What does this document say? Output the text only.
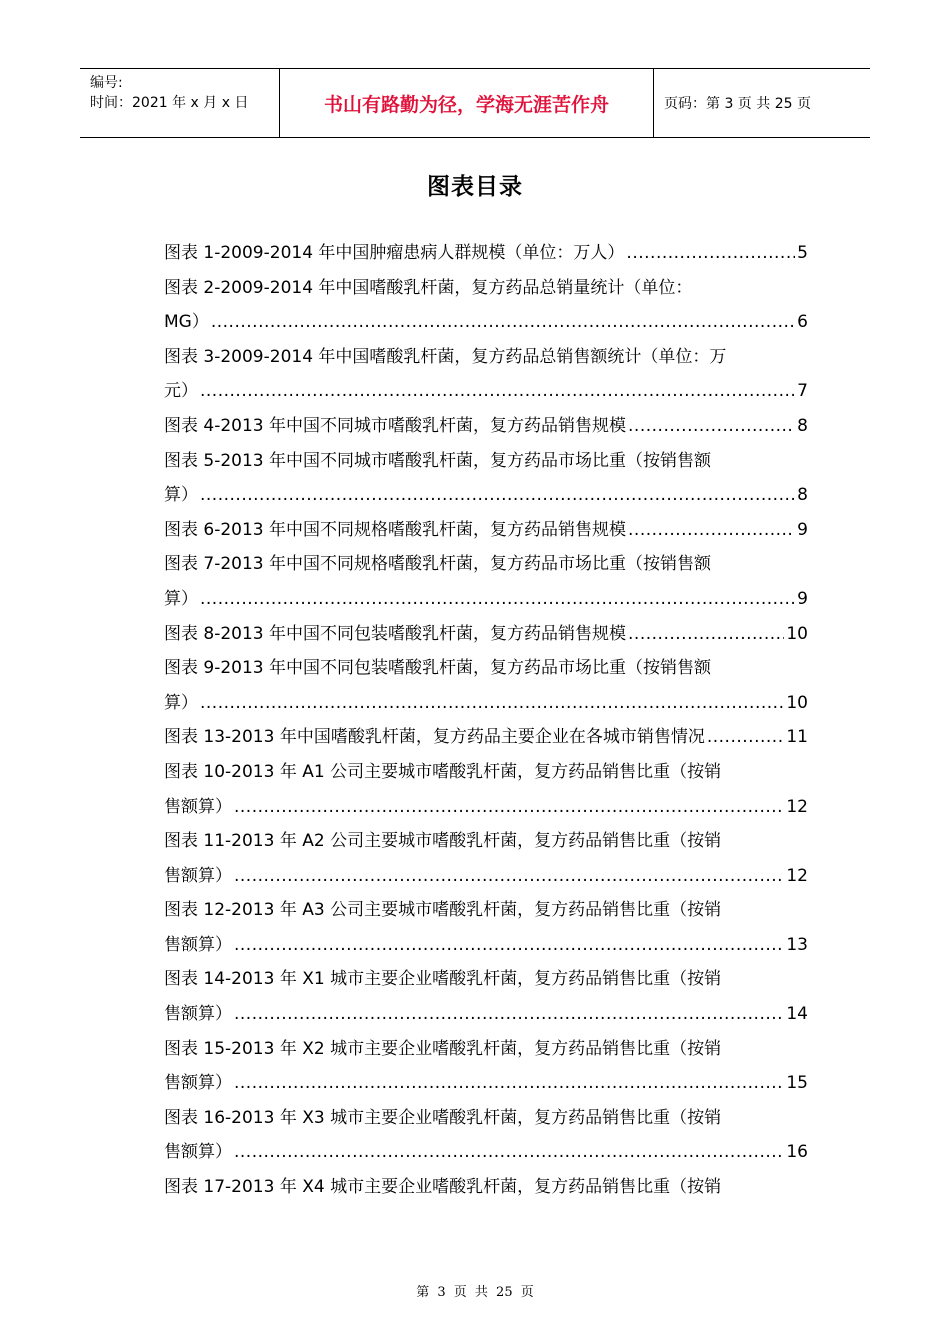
编号:
时间：2021 年 x 月 x 日	书山有路勤为径，学海无涯苦作舟	页码：第 3 页 共 25 页
图表目录
图表 1-2009-2014 年中国肿瘤患病人群规模（单位：万人） .....	5
图表 2-2009-2014 年中国嗜酸乳杆菌，复方药品总销量统计（单位：
MG） .....	6
图表 3-2009-2014 年中国嗜酸乳杆菌，复方药品总销售额统计（单位：万
元） .....	7
图表 4-2013 年中国不同城市嗜酸乳杆菌，复方药品销售规模 .....	8
图表 5-2013 年中国不同城市嗜酸乳杆菌，复方药品市场比重（按销售额
算） .....	8
图表 6-2013 年中国不同规格嗜酸乳杆菌，复方药品销售规模 .....	9
图表 7-2013 年中国不同规格嗜酸乳杆菌，复方药品市场比重（按销售额
算） .....	9
图表 8-2013 年中国不同包装嗜酸乳杆菌，复方药品销售规模 .....	10
图表 9-2013 年中国不同包装嗜酸乳杆菌，复方药品市场比重（按销售额
算） .....	10
图表 13-2013 年中国嗜酸乳杆菌，复方药品主要企业在各城市销售情况 .....	11
图表 10-2013 年 A1 公司主要城市嗜酸乳杆菌，复方药品销售比重（按销
售额算） .....	12
图表 11-2013 年 A2 公司主要城市嗜酸乳杆菌，复方药品销售比重（按销
售额算） .....	12
图表 12-2013 年 A3 公司主要城市嗜酸乳杆菌，复方药品销售比重（按销
售额算） .....	13
图表 14-2013 年 X1 城市主要企业嗜酸乳杆菌，复方药品销售比重（按销
售额算） .....	14
图表 15-2013 年 X2 城市主要企业嗜酸乳杆菌，复方药品销售比重（按销
售额算） .....	15
图表 16-2013 年 X3 城市主要企业嗜酸乳杆菌，复方药品销售比重（按销
售额算） .....	16
图表 17-2013 年 X4 城市主要企业嗜酸乳杆菌，复方药品销售比重（按销
第 3 页 共 25 页
